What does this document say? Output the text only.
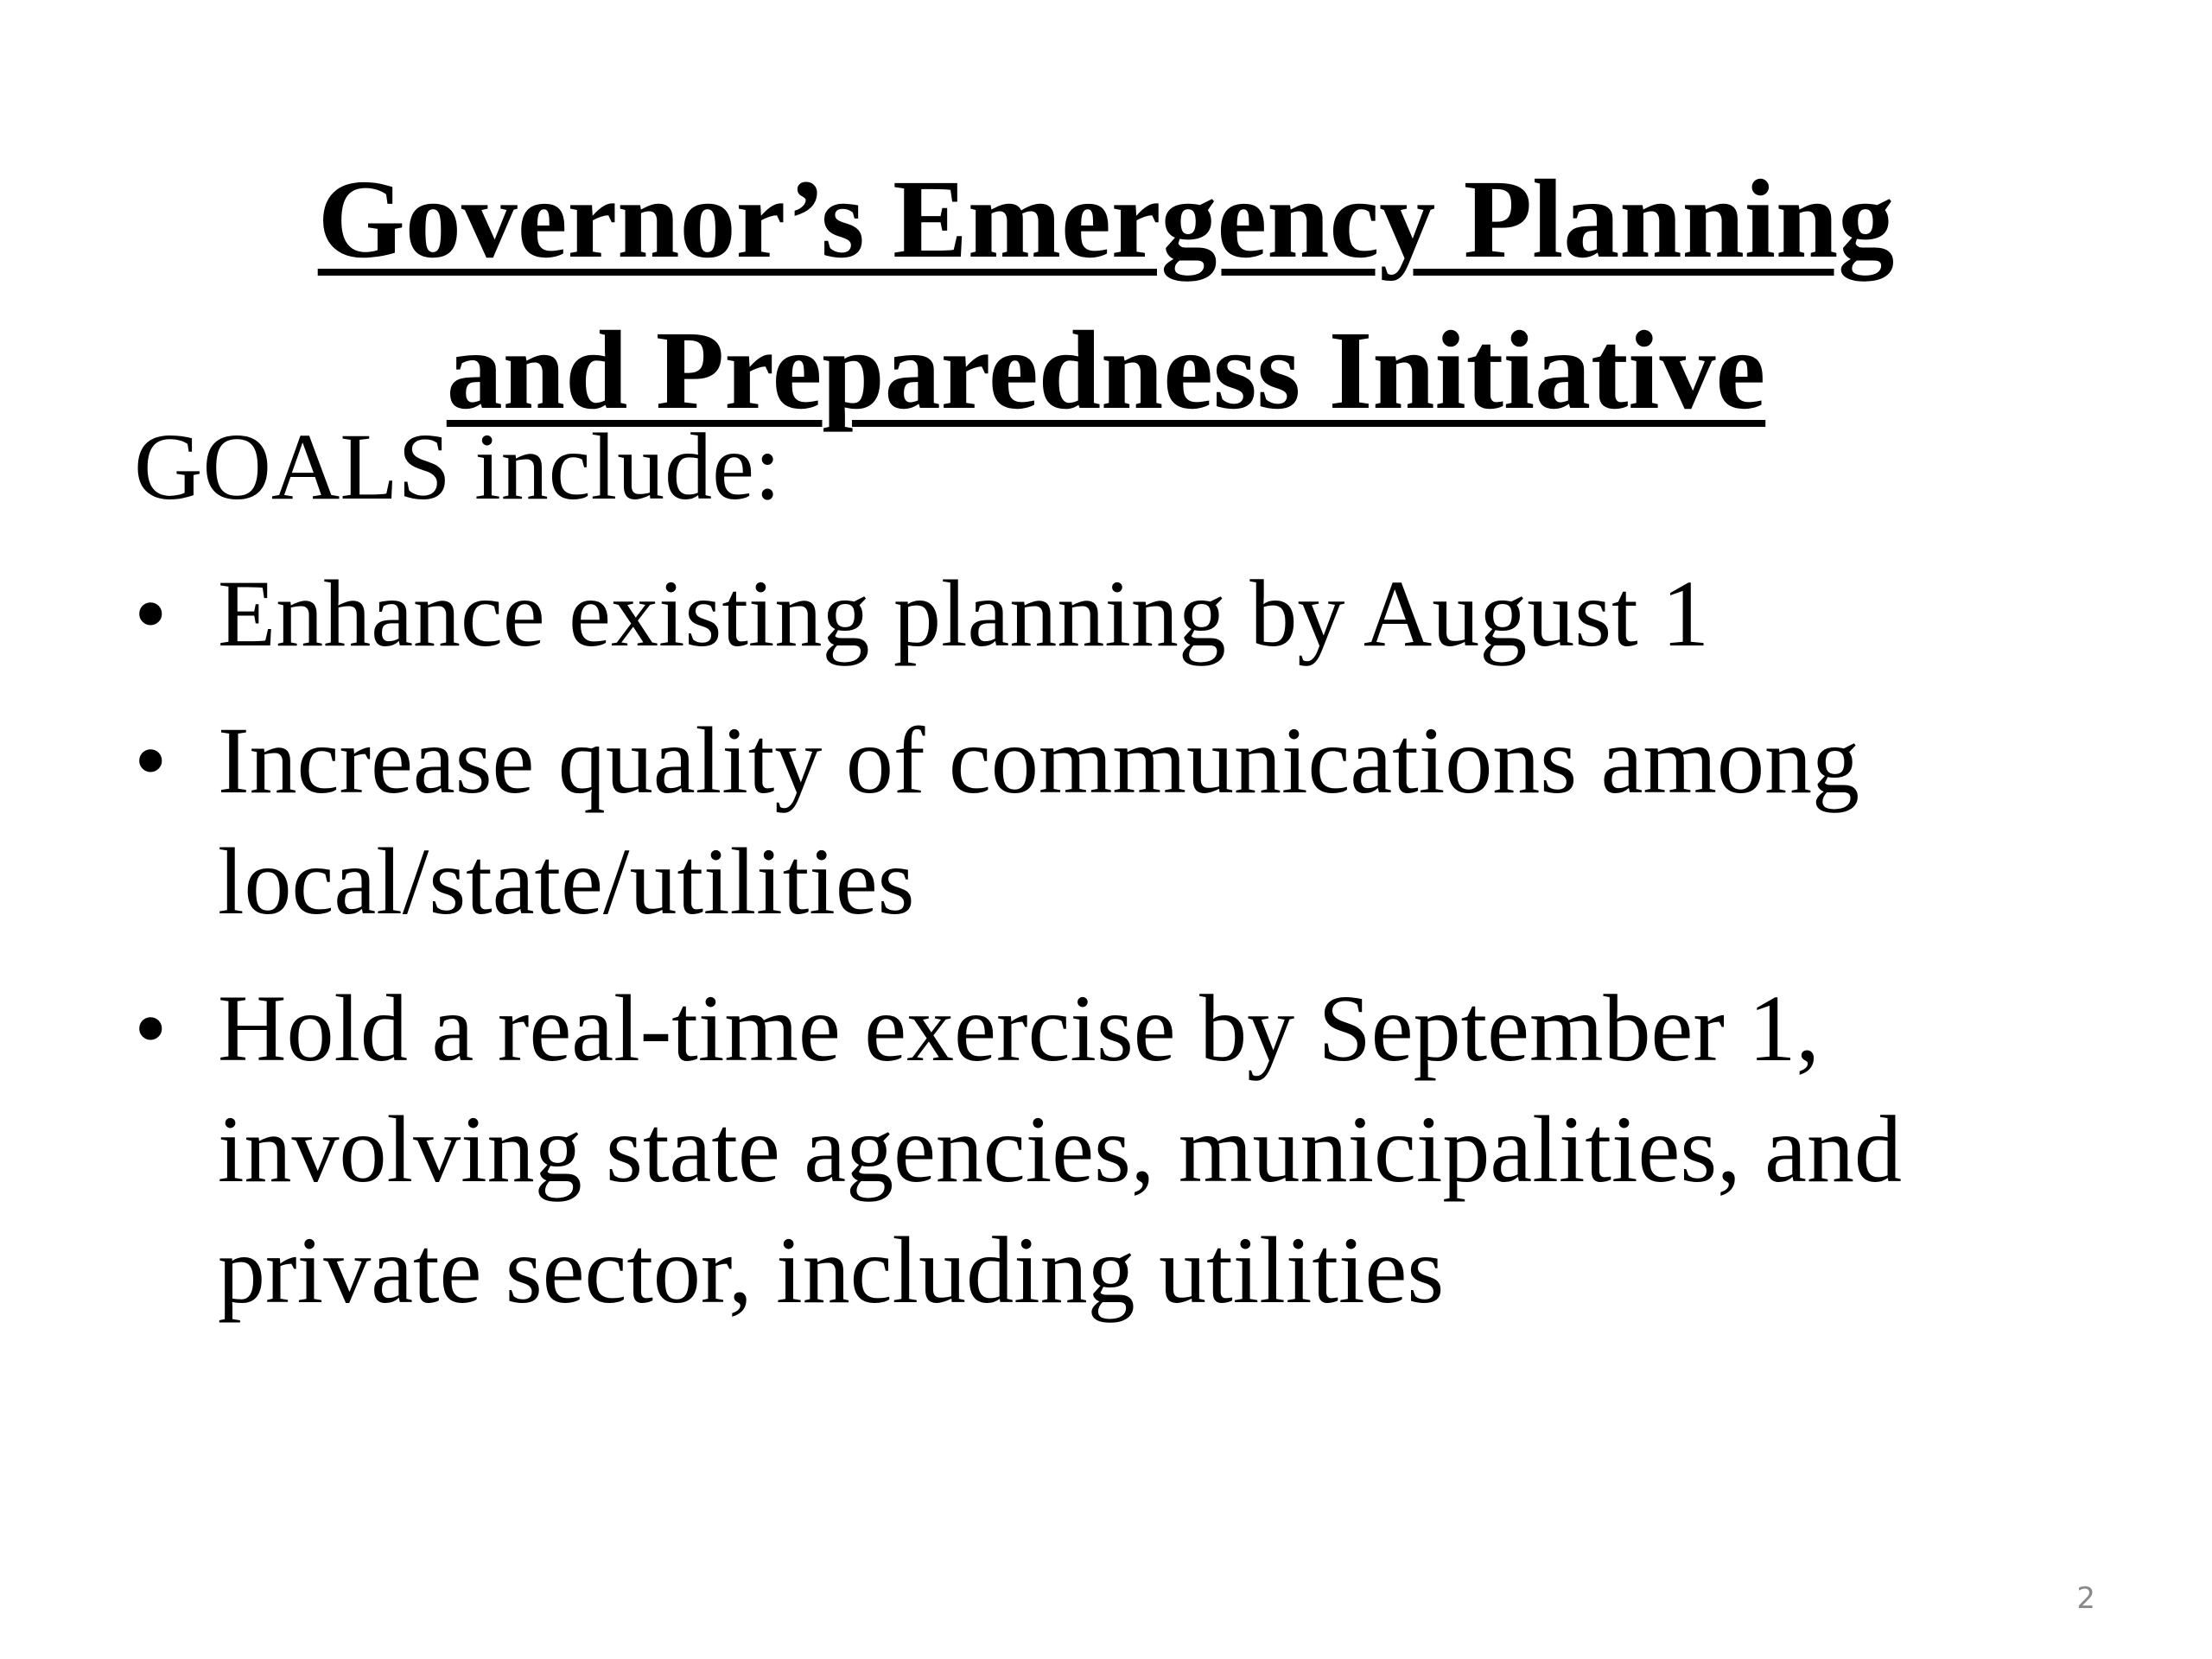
Governor’s Emergency Planning
and Preparedness Initiative
GOALS include:
• Enhance existing planning by August 1
• Increase quality of communications among local/state/utilities
• Hold a real-time exercise by September 1, involving state agencies, municipalities, and private sector, including utilities
2
